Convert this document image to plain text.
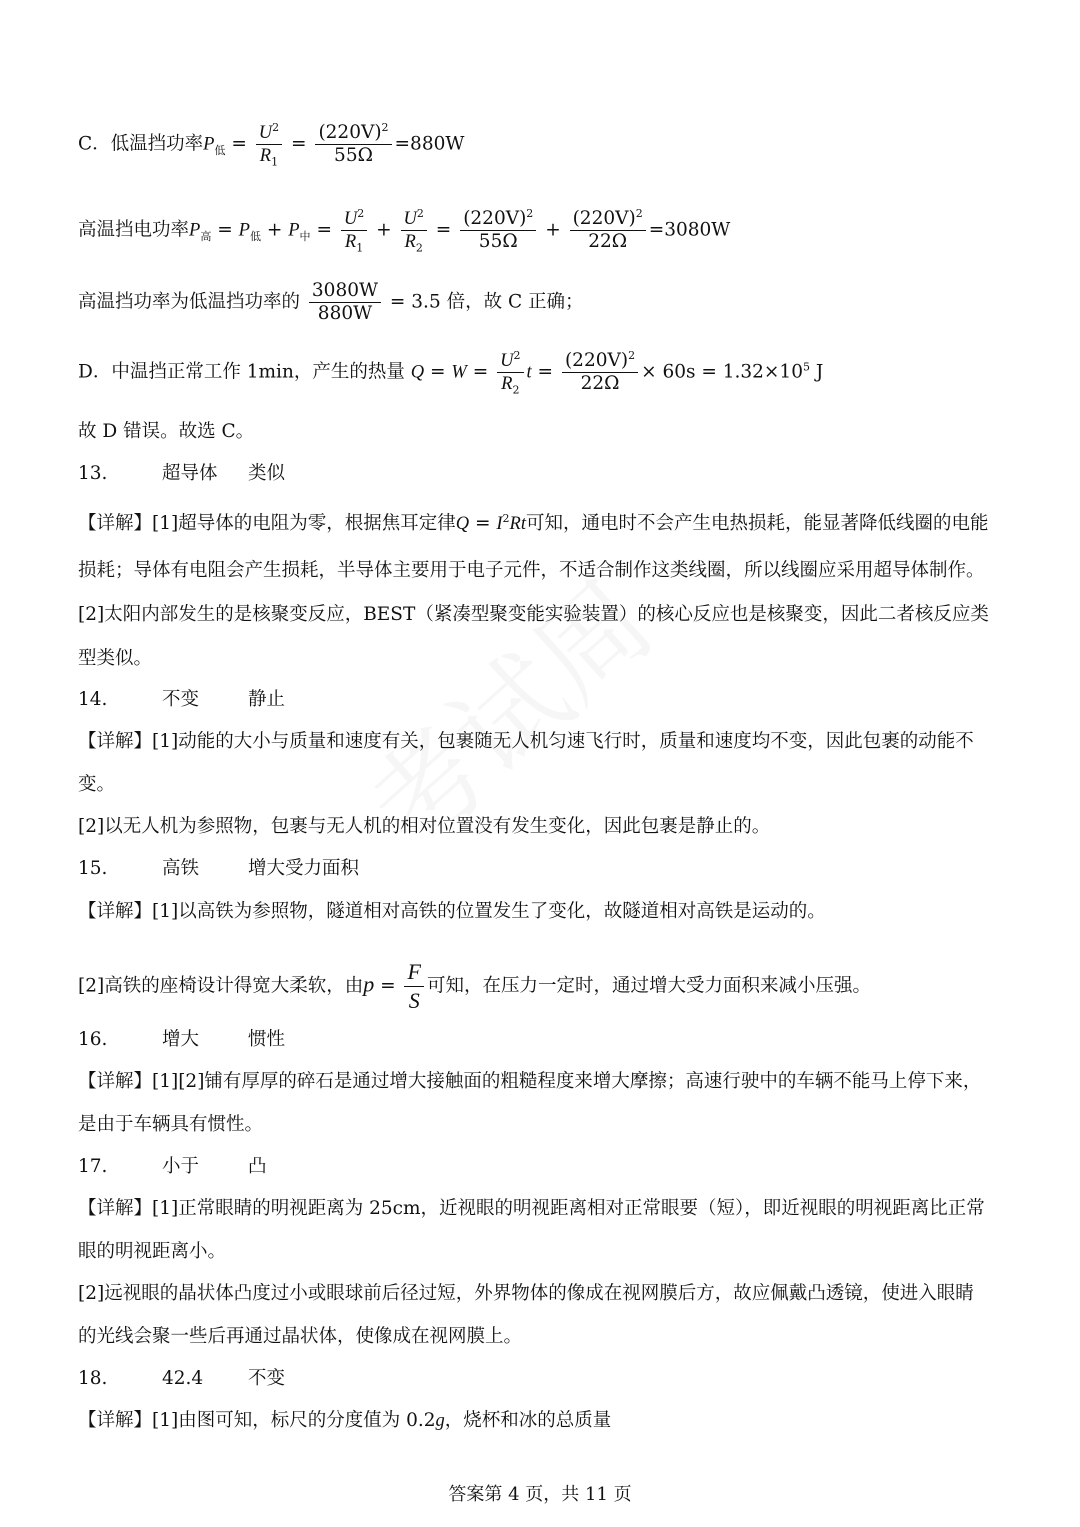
C．低温挡功率$P_低 = \frac{U^2}{R_1} = \frac{(220V)^2}{55\Omega} =880W$
高温挡电功率$P_高 = P_低 + P_中 = \frac{U^2}{R_1} + \frac{U^2}{R_2} = \frac{(220V)^2}{55\Omega} + \frac{(220V)^2}{22\Omega} =3080W$
高温挡功率为低温挡功率的 $\frac{3080W}{880W} = 3.5$ 倍，故 C 正确；
D．中温挡正常工作 1min，产生的热量 $Q = W = \frac{U^2}{R_2}$ $t = \frac{(220V)^2}{22\Omega} \times 60s = 1.32\times 10^5$ J
故 D 错误。故选 C。
13.	超导体 类似
【详解】[1]超导体的电阻为零，根据焦耳定律$Q = I^2Rt$可知，通电时不会产生电热损耗，能显著降低线圈的电能
损耗；导体有电阻会产生损耗，半导体主要用于电子元件，不适合制作这类线圈，所以线圈应采用超导体制作。
[2]太阳内部发生的是核聚变反应，BEST（紧凑型聚变能实验装置）的核心反应也是核聚变，因此二者核反应类
型类似。
14.	不变	静止
【详解】[1]动能的大小与质量和速度有关，包裹随无人机匀速飞行时，质量和速度均不变，因此包裹的动能不
变。
[2]以无人机为参照物，包裹与无人机的相对位置没有发生变化，因此包裹是静止的。
15.	高铁	增大受力面积
【详解】[1]以高铁为参照物，隧道相对高铁的位置发生了变化，故隧道相对高铁是运动的。
[2]高铁的座椅设计得宽大柔软，由$p = \frac{F}{S}$ 可知，在压力一定时，通过增大受力面积来减小压强。
16.	增大	惯性
【详解】[1][2]铺有厚厚的碎石是通过增大接触面的粗糙程度来增大摩擦；高速行驶中的车辆不能马上停下来，
是由于车辆具有惯性。
17.	小于	凸
【详解】[1]正常眼睛的明视距离为 25cm，近视眼的明视距离相对正常眼要（短），即近视眼的明视距离比正常
眼的明视距离小。
[2]远视眼的晶状体凸度过小或眼球前后径过短，外界物体的像成在视网膜后方，故应佩戴凸透镜，使进入眼睛
的光线会聚一些后再通过晶状体，使像成在视网膜上。
18.	42.4 不变
【详解】[1]由图可知，标尺的分度值为 0.2g，烧杯和冰的总质量
答案第 4 页，共 11 页
